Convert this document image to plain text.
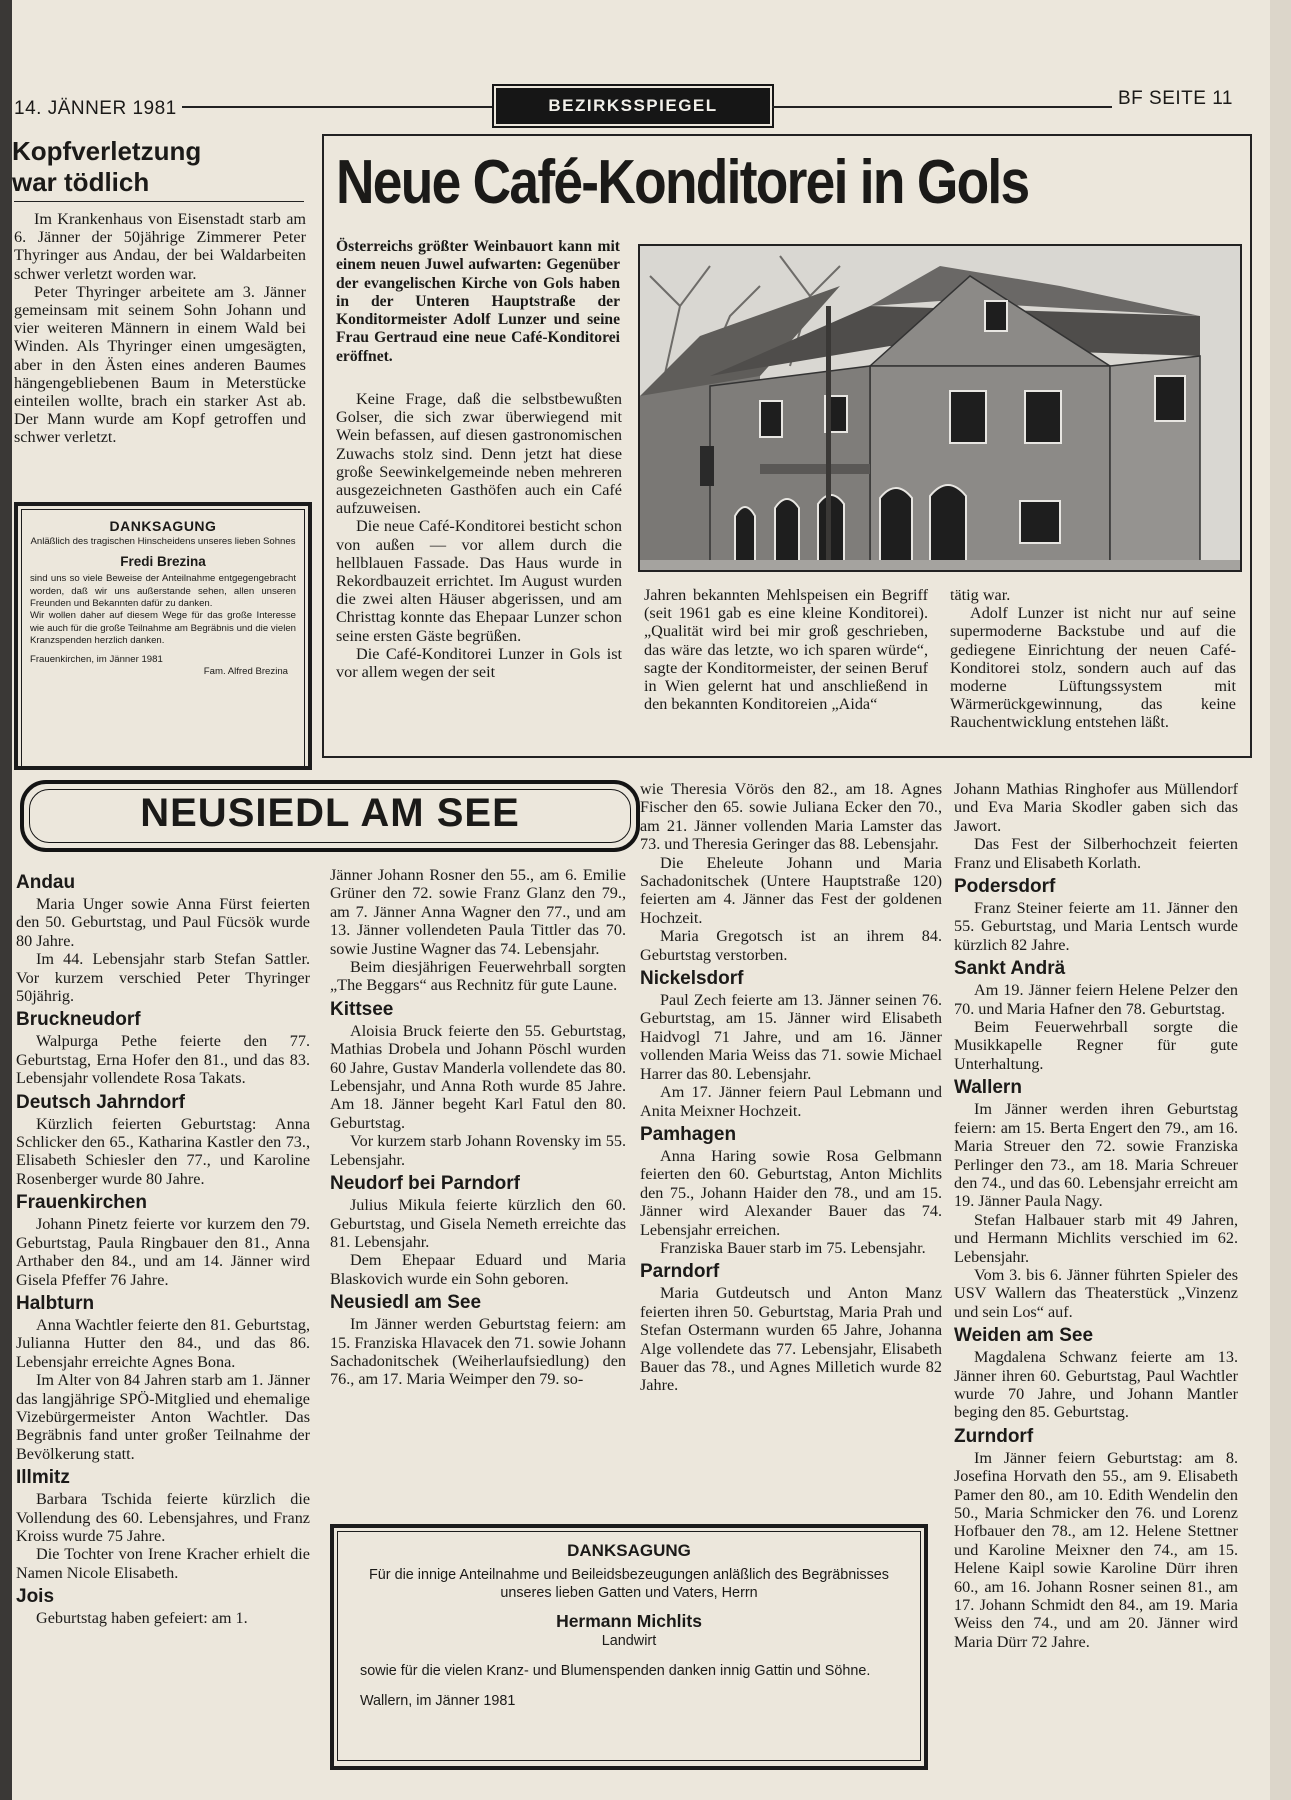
14. JÄNNER 1981	BEZIRKSSPIEGEL	BF SEITE 11
Kopfverletzung
war tödlich

Im Krankenhaus von Eisenstadt starb am 6. Jänner der 50jährige Zimmerer Peter Thyringer aus Andau, der bei Waldarbeiten schwer verletzt worden war.

Peter Thyringer arbeitete am 3. Jänner gemeinsam mit seinem Sohn Johann und vier weiteren Männern in einem Wald bei Winden. Als Thyringer einen umgesägten, aber in den Ästen eines anderen Baumes hängengebliebenen Baum in Meterstücke einteilen wollte, brach ein starker Ast ab. Der Mann wurde am Kopf getroffen und schwer verletzt.

DANKSAGUNG
Anläßlich des tragischen Hinscheidens unseres lieben Sohnes
Fredi Brezina
sind uns so viele Beweise der Anteilnahme entgegengebracht worden, daß wir uns außerstande sehen, allen unseren Freunden und Bekannten dafür zu danken.
Wir wollen daher auf diesem Wege für das große Interesse wie auch für die große Teilnahme am Begräbnis und die vielen Kranzspenden herzlich danken.
Frauenkirchen, im Jänner 1981
Fam. Alfred Brezina
Neue Café-Konditorei in Gols
Österreichs größter Weinbauort kann mit einem neuen Juwel aufwarten: Gegenüber der evangelischen Kirche von Gols haben in der Unteren Hauptstraße der Konditormeister Adolf Lunzer und seine Frau Gertraud eine neue Café-Konditorei eröffnet.

Keine Frage, daß die selbstbewußten Golser, die sich zwar überwiegend mit Wein befassen, auf diesen gastronomischen Zuwachs stolz sind. Denn jetzt hat diese große Seewinkelgemeinde neben mehreren ausgezeichneten Gasthöfen auch ein Café aufzuweisen.

Die neue Café-Konditorei besticht schon von außen — vor allem durch die hellblauen Fassade. Das Haus wurde in Rekordbauzeit errichtet. Im August wurden die zwei alten Häuser abgerissen, und am Christtag konnte das Ehepaar Lunzer schon seine ersten Gäste begrüßen.

Die Café-Konditorei Lunzer in Gols ist vor allem wegen der seit

Jahren bekannten Mehlspeisen ein Begriff (seit 1961 gab es eine kleine Konditorei). „Qualität wird bei mir groß geschrieben, das wäre das letzte, wo ich sparen würde“, sagte der Konditormeister, der seinen Beruf in Wien gelernt hat und anschließend in den bekannten Konditoreien „Aida“

tätig war.

Adolf Lunzer ist nicht nur auf seine supermoderne Backstube und auf die gediegene Einrichtung der neuen Café-Konditorei stolz, sondern auch auf das moderne Lüftungssystem mit Wärmerückgewinnung, das keine Rauchentwicklung entstehen läßt.

NEUSIEDL AM SEE
Andau

Maria Unger sowie Anna Fürst feierten den 50. Geburtstag, und Paul Fücsök wurde 80 Jahre.

Im 44. Lebensjahr starb Stefan Sattler. Vor kurzem verschied Peter Thyringer 50jährig.

Bruckneudorf

Walpurga Pethe feierte den 77. Geburtstag, Erna Hofer den 81., und das 83. Lebensjahr vollendete Rosa Takats.

Deutsch Jahrndorf

Kürzlich feierten Geburtstag: Anna Schlicker den 65., Katharina Kastler den 73., Elisabeth Schiesler den 77., und Karoline Rosenberger wurde 80 Jahre.

Frauenkirchen

Johann Pinetz feierte vor kurzem den 79. Geburtstag, Paula Ringbauer den 81., Anna Arthaber den 84., und am 14. Jänner wird Gisela Pfeffer 76 Jahre.

Halbturn

Anna Wachtler feierte den 81. Geburtstag, Julianna Hutter den 84., und das 86. Lebensjahr erreichte Agnes Bona.

Im Alter von 84 Jahren starb am 1. Jänner das langjährige SPÖ-Mitglied und ehemalige Vizebürgermeister Anton Wachtler. Das Begräbnis fand unter großer Teilnahme der Bevölkerung statt.

Illmitz

Barbara Tschida feierte kürzlich die Vollendung des 60. Lebensjahres, und Franz Kroiss wurde 75 Jahre.

Die Tochter von Irene Kracher erhielt die Namen Nicole Elisabeth.

Jois

Geburtstag haben gefeiert: am 1.

Jänner Johann Rosner den 55., am 6. Emilie Grüner den 72. sowie Franz Glanz den 79., am 7. Jänner Anna Wagner den 77., und am 13. Jänner vollendeten Paula Tittler das 70. sowie Justine Wagner das 74. Lebensjahr.

Beim diesjährigen Feuerwehrball sorgten „The Beggars“ aus Rechnitz für gute Laune.

Kittsee

Aloisia Bruck feierte den 55. Geburtstag, Mathias Drobela und Johann Pöschl wurden 60 Jahre, Gustav Manderla vollendete das 80. Lebensjahr, und Anna Roth wurde 85 Jahre. Am 18. Jänner begeht Karl Fatul den 80. Geburtstag.

Vor kurzem starb Johann Rovensky im 55. Lebensjahr.

Neudorf bei Parndorf

Julius Mikula feierte kürzlich den 60. Geburtstag, und Gisela Nemeth erreichte das 81. Lebensjahr.

Dem Ehepaar Eduard und Maria Blaskovich wurde ein Sohn geboren.

Neusiedl am See

Im Jänner werden Geburtstag feiern: am 15. Franziska Hlavacek den 71. sowie Johann Sachadonitschek (Weiherlaufsiedlung) den 76., am 17. Maria Weimper den 79. so-

wie Theresia Vörös den 82., am 18. Agnes Fischer den 65. sowie Juliana Ecker den 70., am 21. Jänner vollenden Maria Lamster das 73. und Theresia Geringer das 88. Lebensjahr.

Die Eheleute Johann und Maria Sachadonitschek (Untere Hauptstraße 120) feierten am 4. Jänner das Fest der goldenen Hochzeit.

Maria Gregotsch ist an ihrem 84. Geburtstag verstorben.

Nickelsdorf

Paul Zech feierte am 13. Jänner seinen 76. Geburtstag, am 15. Jänner wird Elisabeth Haidvogl 71 Jahre, und am 16. Jänner vollenden Maria Weiss das 71. sowie Michael Harrer das 80. Lebensjahr.

Am 17. Jänner feiern Paul Lebmann und Anita Meixner Hochzeit.

Pamhagen

Anna Haring sowie Rosa Gelbmann feierten den 60. Geburtstag, Anton Michlits den 75., Johann Haider den 78., und am 15. Jänner wird Alexander Bauer das 74. Lebensjahr erreichen.

Franziska Bauer starb im 75. Lebensjahr.

Parndorf

Maria Gutdeutsch und Anton Manz feierten ihren 50. Geburtstag, Maria Prah und Stefan Ostermann wurden 65 Jahre, Johanna Alge vollendete das 77. Lebensjahr, Elisabeth Bauer das 78., und Agnes Milletich wurde 82 Jahre.

Johann Mathias Ringhofer aus Müllendorf und Eva Maria Skodler gaben sich das Jawort.

Das Fest der Silberhochzeit feierten Franz und Elisabeth Korlath.

Podersdorf

Franz Steiner feierte am 11. Jänner den 55. Geburtstag, und Maria Lentsch wurde kürzlich 82 Jahre.

Sankt Andrä

Am 19. Jänner feiern Helene Pelzer den 70. und Maria Hafner den 78. Geburtstag.

Beim Feuerwehrball sorgte die Musikkapelle Regner für gute Unterhaltung.

Wallern

Im Jänner werden ihren Geburtstag feiern: am 15. Berta Engert den 79., am 16. Maria Streuer den 72. sowie Franziska Perlinger den 73., am 18. Maria Schreuer den 74., und das 60. Lebensjahr erreicht am 19. Jänner Paula Nagy.

Stefan Halbauer starb mit 49 Jahren, und Hermann Michlits verschied im 62. Lebensjahr.

Vom 3. bis 6. Jänner führten Spieler des USV Wallern das Theaterstück „Vinzenz und sein Los“ auf.

Weiden am See

Magdalena Schwanz feierte am 13. Jänner ihren 60. Geburtstag, Paul Wachtler wurde 70 Jahre, und Johann Mantler beging den 85. Geburtstag.

Zurndorf

Im Jänner feiern Geburtstag: am 8. Josefina Horvath den 55., am 9. Elisabeth Pamer den 80., am 10. Edith Wendelin den 50., Maria Schmicker den 76. und Lorenz Hofbauer den 78., am 12. Helene Stettner und Karoline Meixner den 74., am 15. Helene Kaipl sowie Karoline Dürr ihren 60., am 16. Johann Rosner seinen 81., am 17. Johann Schmidt den 84., am 19. Maria Weiss den 74., und am 20. Jänner wird Maria Dürr 72 Jahre.

DANKSAGUNG
Für die innige Anteilnahme und Beileidsbezeugungen anläßlich des Begräbnisses unseres lieben Gatten und Vaters, Herrn
Hermann Michlits
Landwirt
sowie für die vielen Kranz- und Blumenspenden danken innig Gattin und Söhne.
Wallern, im Jänner 1981
